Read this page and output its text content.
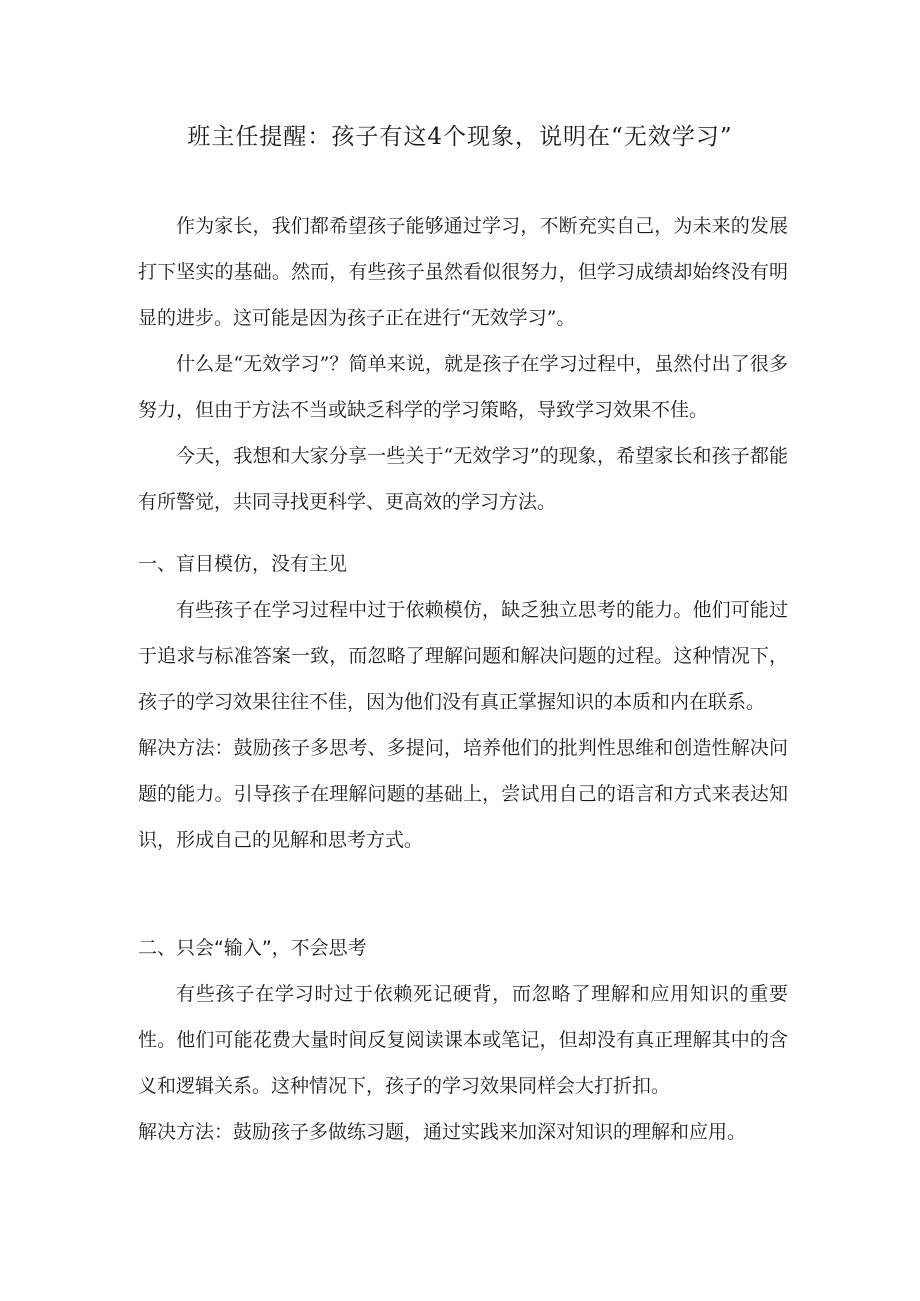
班主任提醒：孩子有这4个现象，说明在“无效学习”

作为家长，我们都希望孩子能够通过学习，不断充实自己，为未来的发展打下坚实的基础。然而，有些孩子虽然看似很努力，但学习成绩却始终没有明显的进步。这可能是因为孩子正在进行“无效学习”。

什么是“无效学习”？简单来说，就是孩子在学习过程中，虽然付出了很多努力，但由于方法不当或缺乏科学的学习策略，导致学习效果不佳。

今天，我想和大家分享一些关于“无效学习”的现象，希望家长和孩子都能有所警觉，共同寻找更科学、更高效的学习方法。

一、盲目模仿，没有主见

有些孩子在学习过程中过于依赖模仿，缺乏独立思考的能力。他们可能过于追求与标准答案一致，而忽略了理解问题和解决问题的过程。这种情况下，孩子的学习效果往往不佳，因为他们没有真正掌握知识的本质和内在联系。

解决方法：鼓励孩子多思考、多提问，培养他们的批判性思维和创造性解决问题的能力。引导孩子在理解问题的基础上，尝试用自己的语言和方式来表达知识，形成自己的见解和思考方式。

二、只会“输入”，不会思考

有些孩子在学习时过于依赖死记硬背，而忽略了理解和应用知识的重要性。他们可能花费大量时间反复阅读课本或笔记，但却没有真正理解其中的含义和逻辑关系。这种情况下，孩子的学习效果同样会大打折扣。

解决方法：鼓励孩子多做练习题，通过实践来加深对知识的理解和应用。
